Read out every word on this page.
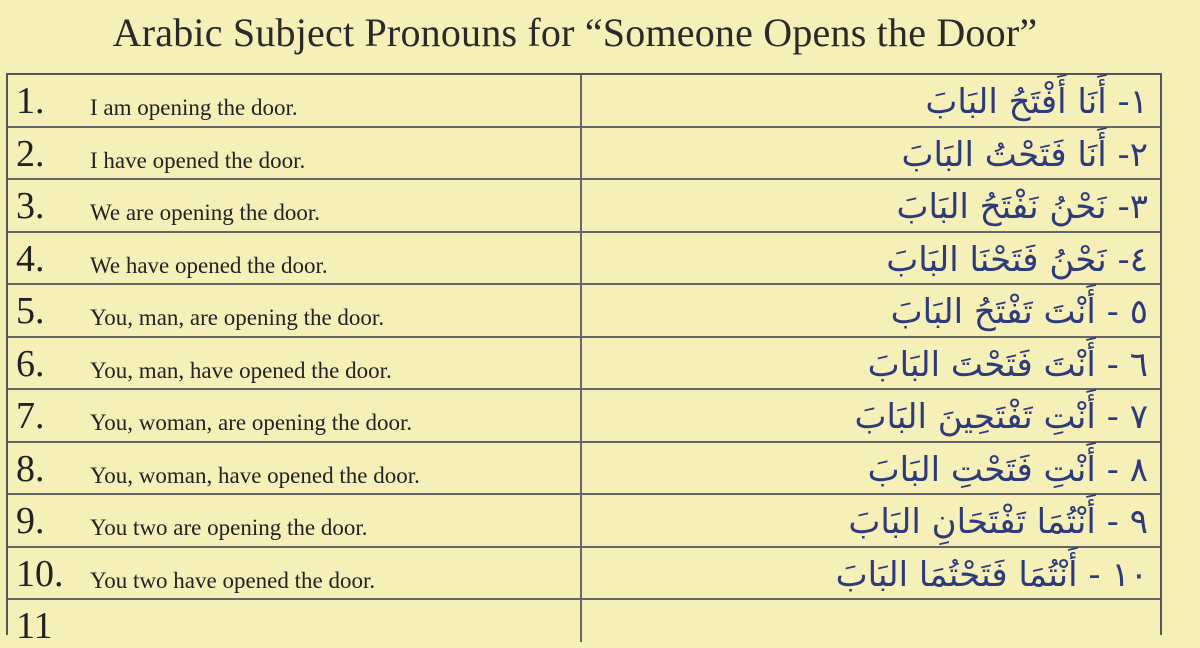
Arabic Subject Pronouns for “Someone Opens the Door”
1. I am opening the door.	١- أَنَا أَفْتَحُ البَابَ
2. I have opened the door.	٢- أَنَا فَتَحْتُ البَابَ
3. We are opening the door.	٣- نَحْنُ نَفْتَحُ البَابَ
4. We have opened the door.	٤- نَحْنُ فَتَحْنَا البَابَ
5. You, man, are opening the door.	٥ - أَنْتَ تَفْتَحُ البَابَ
6. You, man, have opened the door.	٦ - أَنْتَ فَتَحْتَ البَابَ
7. You, woman, are opening the door.	٧ - أَنْتِ تَفْتَحِينَ البَابَ
8. You, woman, have opened the door.	٨ - أَنْتِ فَتَحْتِ البَابَ
9. You two are opening the door.	٩ - أَنْتُمَا تَفْتَحَانِ البَابَ
10. You two have opened the door.	١٠ - أَنْتُمَا فَتَحْتُمَا البَابَ
11
